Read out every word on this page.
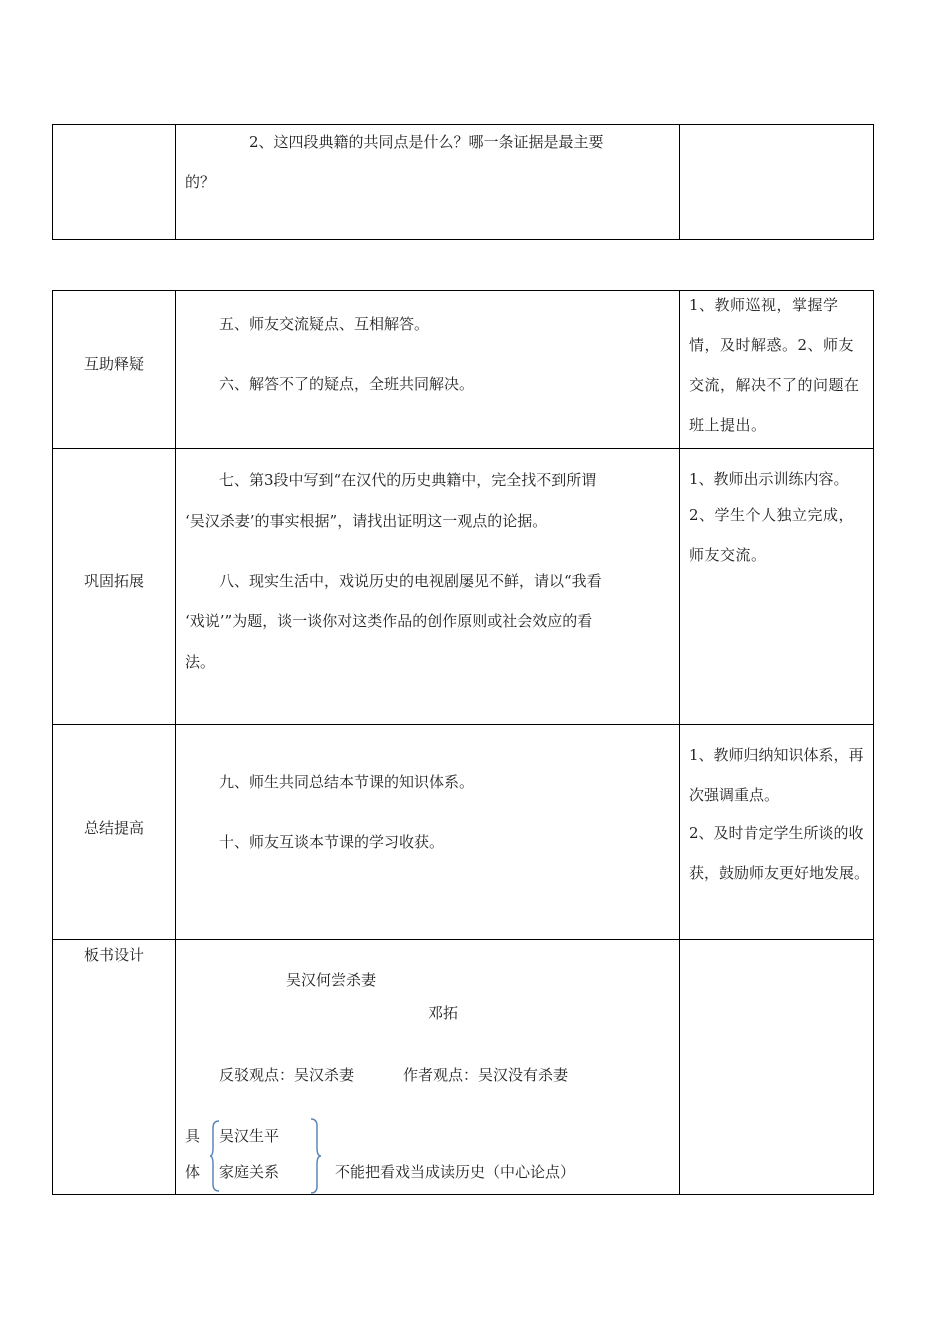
2、这四段典籍的共同点是什么？哪一条证据是最主要
的？
互助释疑
五、师友交流疑点、互相解答。
六、解答不了的疑点，全班共同解决。
1、教师巡视，掌握学情，及时解惑。2、师友交流，解决不了的问题在班上提出。
巩固拓展
七、第3段中写到“在汉代的历史典籍中，完全找不到所谓
‘吴汉杀妻’的事实根据”，请找出证明这一观点的论据。
八、现实生活中，戏说历史的电视剧屡见不鲜，请以“我看
‘戏说’”为题，谈一谈你对这类作品的创作原则或社会效应的看
法。
1、教师出示训练内容。
2、学生个人独立完成，师友交流。
总结提高
九、师生共同总结本节课的知识体系。
十、师友互谈本节课的学习收获。
1、教师归纳知识体系，再次强调重点。
2、及时肯定学生所谈的收获，鼓励师友更好地发展。
板书设计
吴汉何尝杀妻
邓拓
反驳观点：吴汉杀妻	作者观点：吴汉没有杀妻
具
体
吴汉生平
家庭关系	不能把看戏当成读历史（中心论点）
